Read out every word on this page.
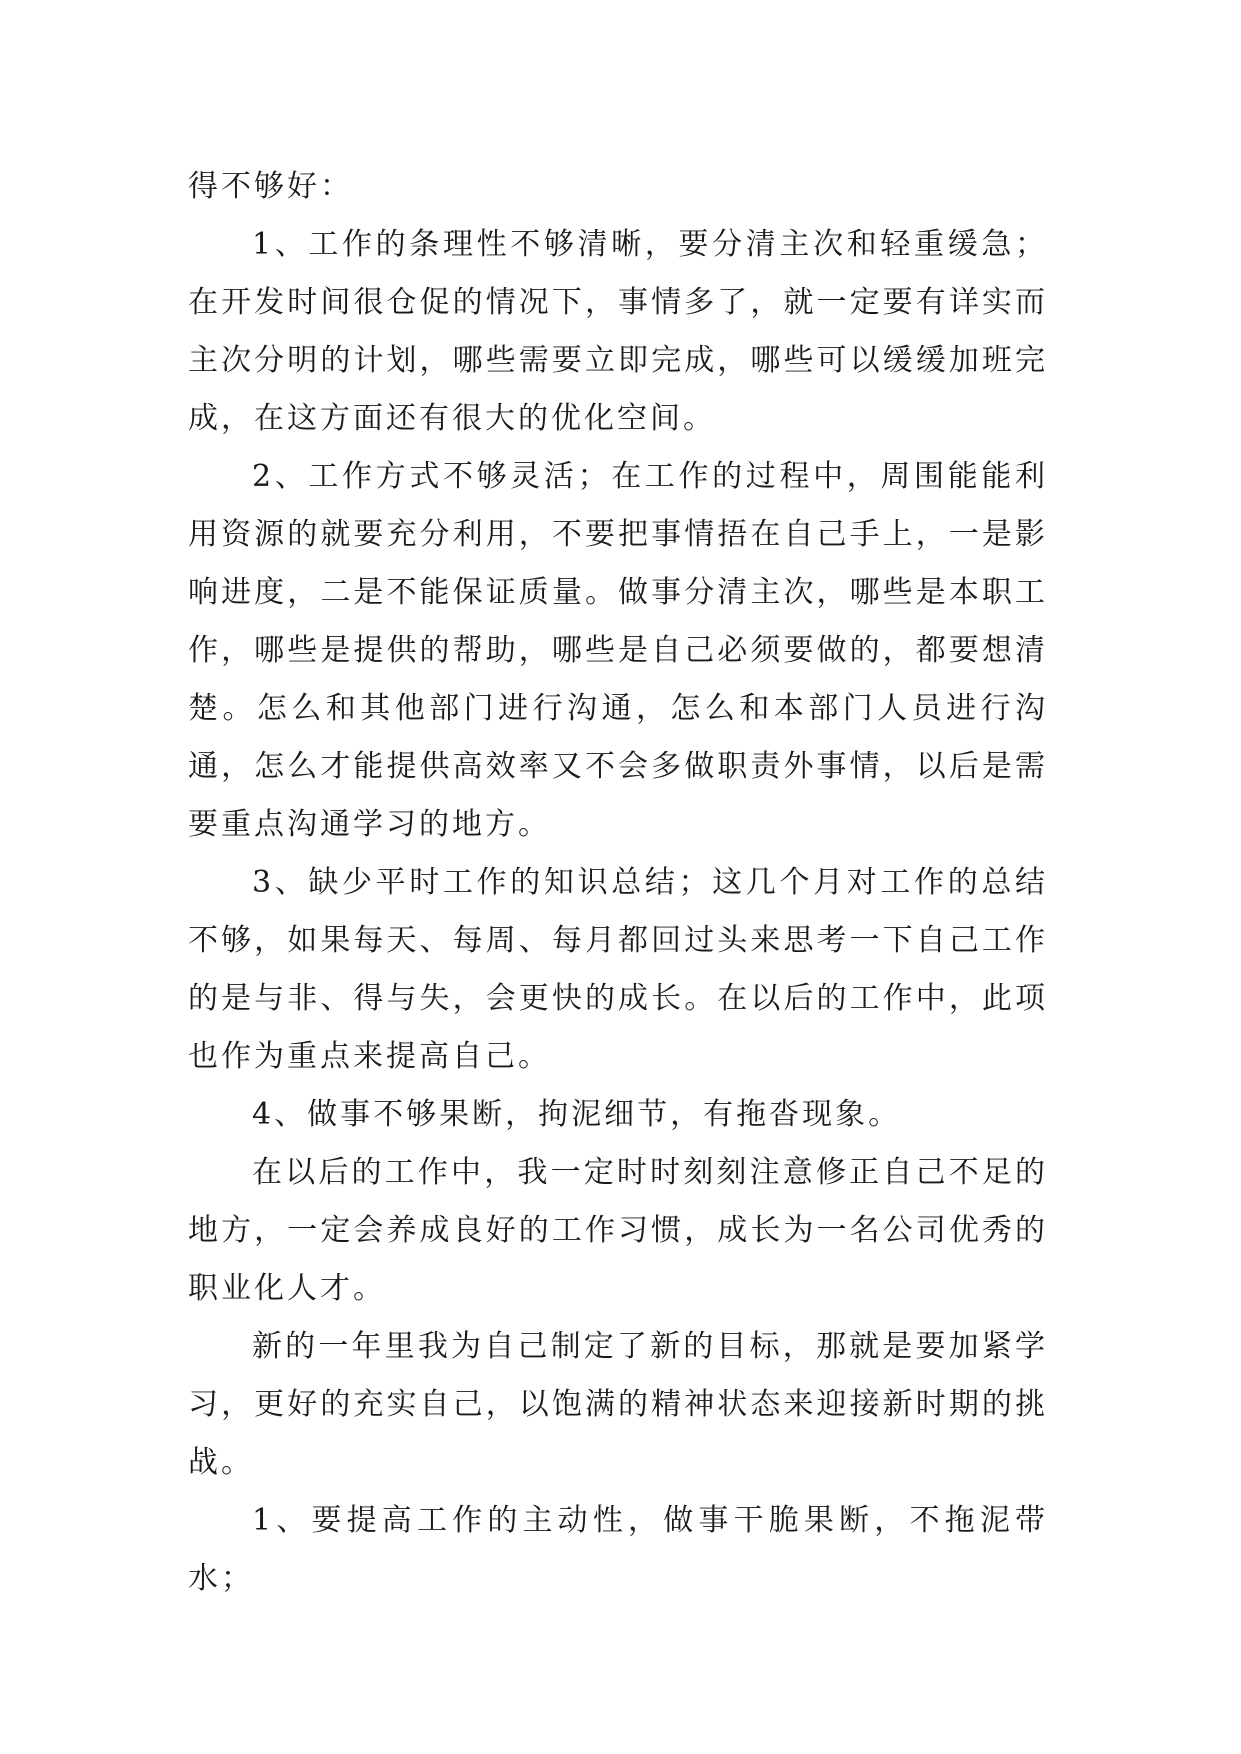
得不够好：

1、工作的条理性不够清晰，要分清主次和轻重缓急；在开发时间很仓促的情况下，事情多了，就一定要有详实而主次分明的计划，哪些需要立即完成，哪些可以缓缓加班完成，在这方面还有很大的优化空间。

2、工作方式不够灵活；在工作的过程中，周围能能利用资源的就要充分利用，不要把事情捂在自己手上，一是影响进度，二是不能保证质量。做事分清主次，哪些是本职工作，哪些是提供的帮助，哪些是自己必须要做的，都要想清楚。怎么和其他部门进行沟通，怎么和本部门人员进行沟通，怎么才能提供高效率又不会多做职责外事情，以后是需要重点沟通学习的地方。

3、缺少平时工作的知识总结；这几个月对工作的总结不够，如果每天、每周、每月都回过头来思考一下自己工作的是与非、得与失，会更快的成长。在以后的工作中，此项也作为重点来提高自己。

4、做事不够果断，拘泥细节，有拖沓现象。

在以后的工作中，我一定时时刻刻注意修正自己不足的地方，一定会养成良好的工作习惯，成长为一名公司优秀的职业化人才。

新的一年里我为自己制定了新的目标，那就是要加紧学习，更好的充实自己，以饱满的精神状态来迎接新时期的挑战。

1、要提高工作的主动性，做事干脆果断，不拖泥带水；
